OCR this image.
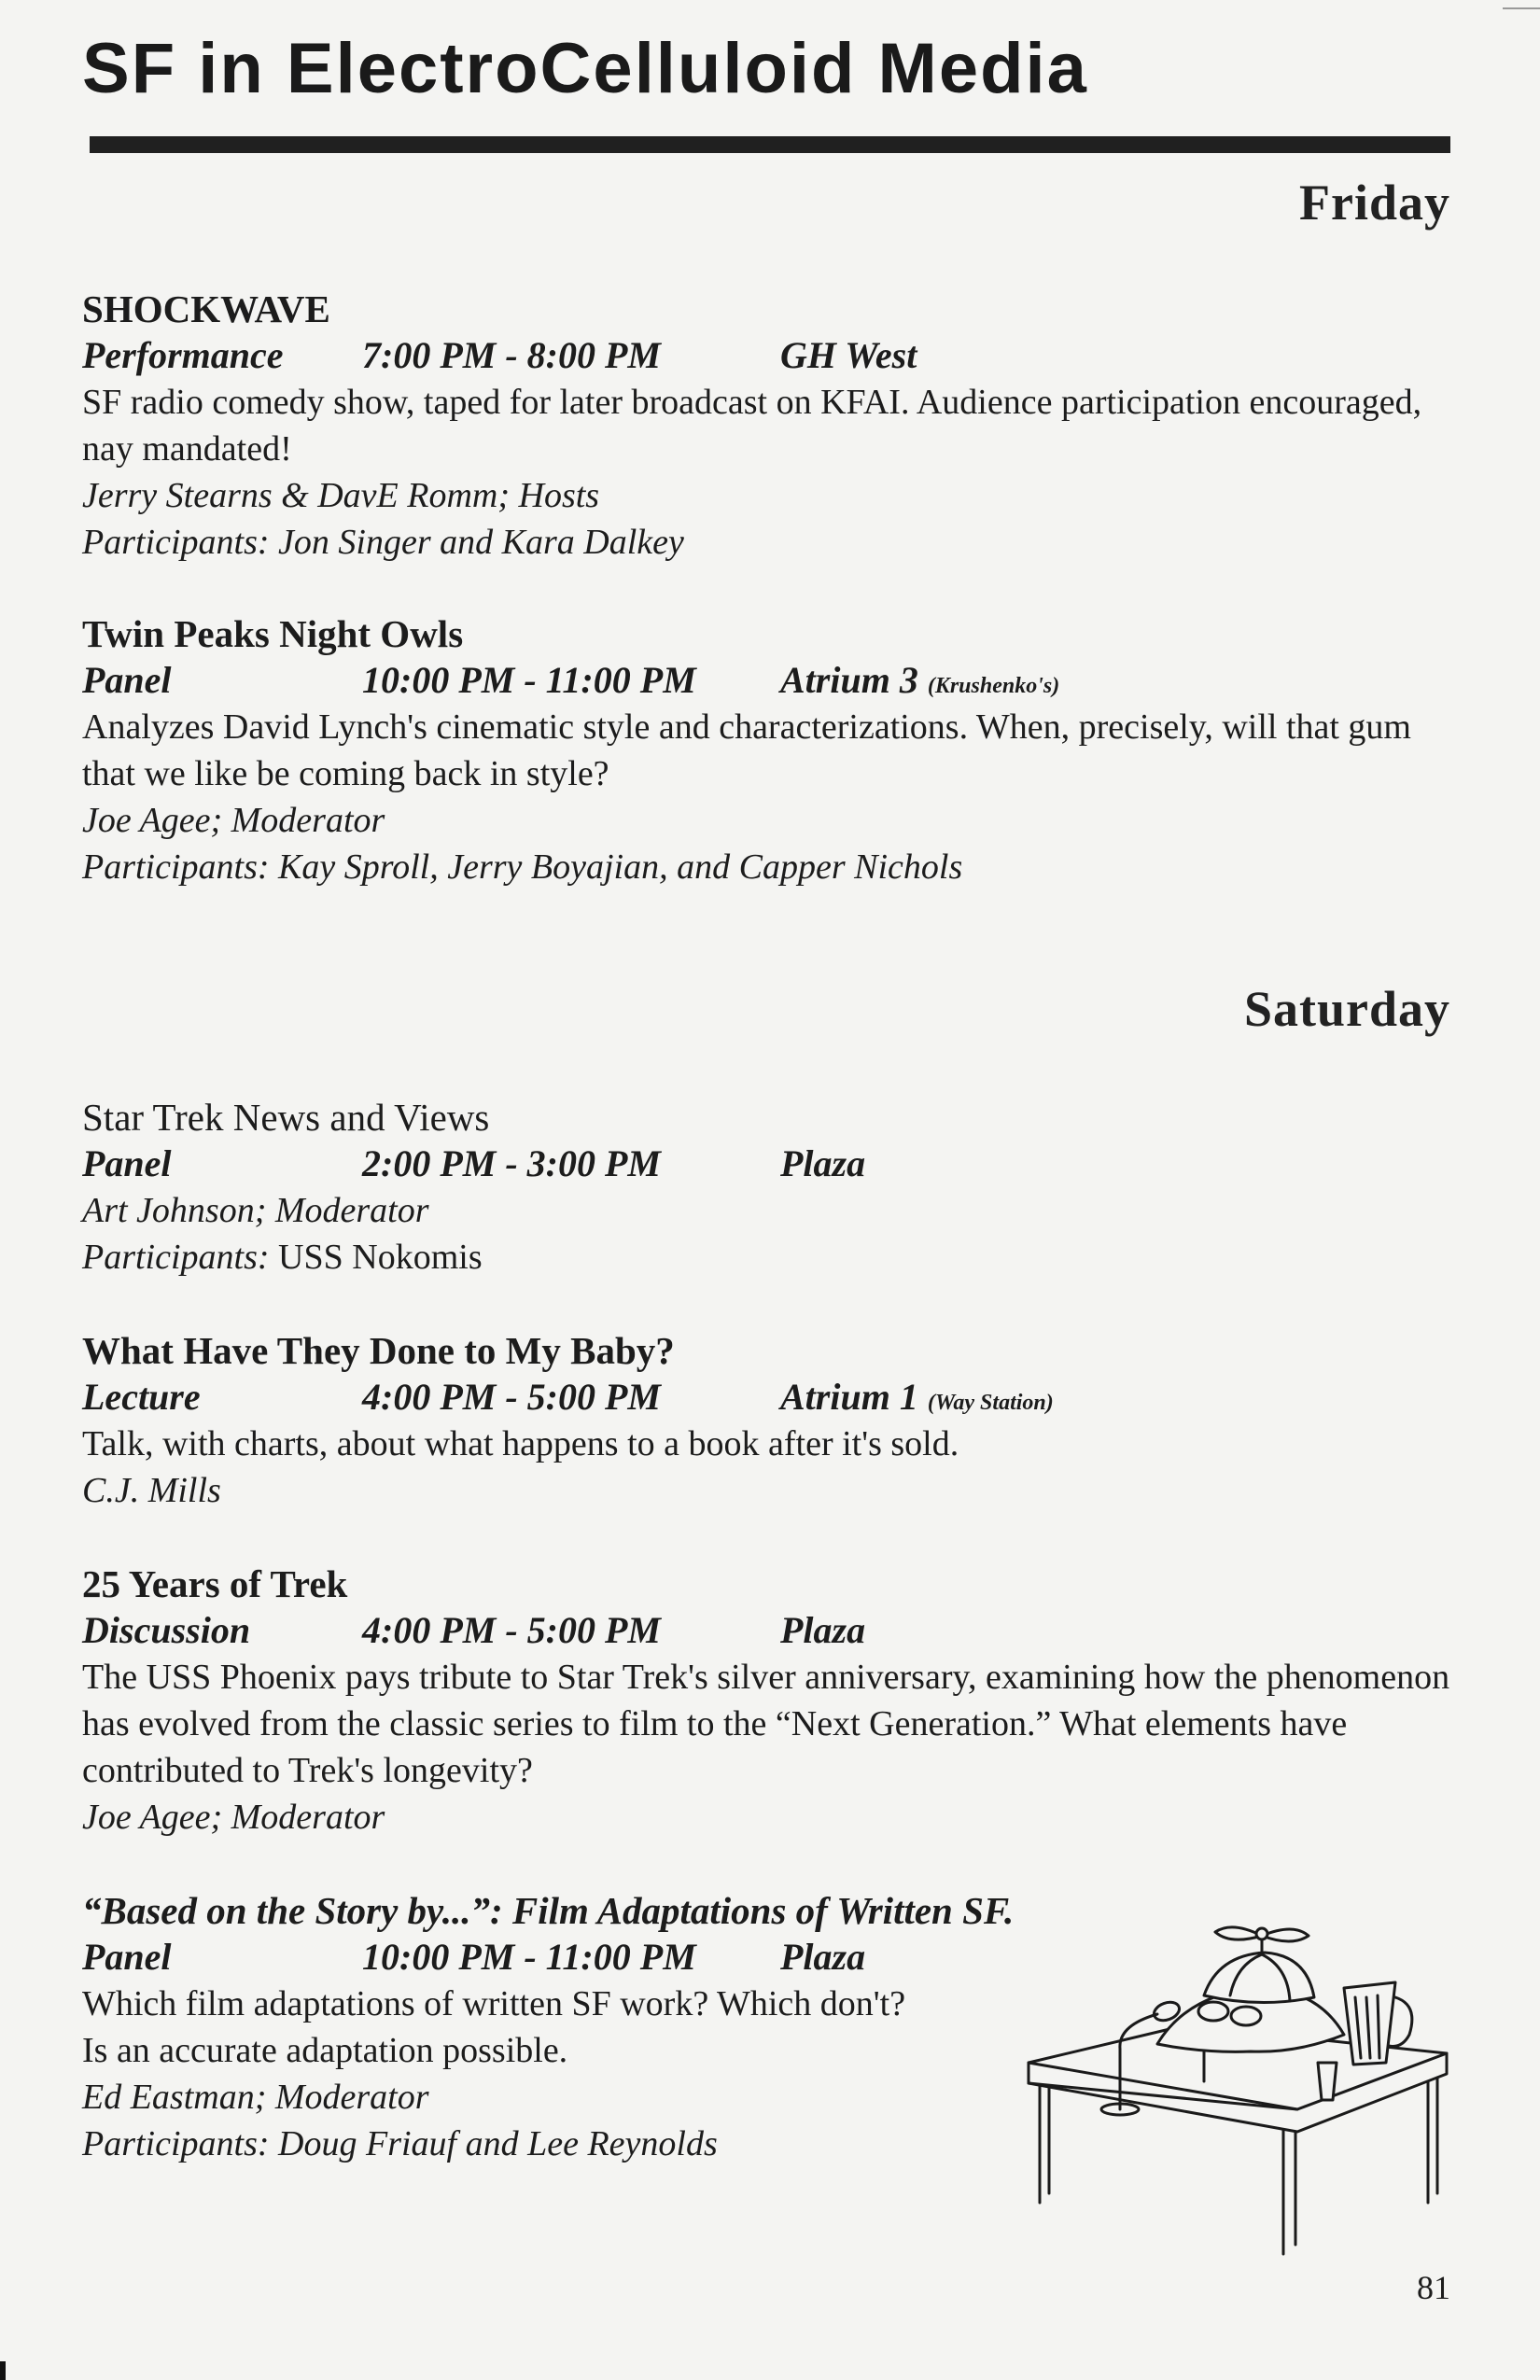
SF in ElectroCelluloid Media
Friday
SHOCKWAVE
Performance 7:00 PM - 8:00 PM	GH West
SF radio comedy show, taped for later broadcast on KFAI. Audience participation encouraged, nay mandated!
Jerry Stearns & DavE Romm; Hosts
Participants: Jon Singer and Kara Dalkey
Twin Peaks Night Owls
Panel	10:00 PM - 11:00 PM Atrium 3 (Krushenko's)
Analyzes David Lynch's cinematic style and characterizations. When, precisely, will that gum that we like be coming back in style?
Joe Agee; Moderator
Participants: Kay Sproll, Jerry Boyajian, and Capper Nichols
Saturday
Star Trek News and Views
Panel	2:00 PM - 3:00 PM	Plaza
Art Johnson; Moderator
Participants: USS Nokomis
What Have They Done to My Baby?
Lecture	4:00 PM - 5:00 PM	Atrium 1 (Way Station)
Talk, with charts, about what happens to a book after it's sold.
C.J. Mills
25 Years of Trek
Discussion	4:00 PM - 5:00 PM	Plaza
The USS Phoenix pays tribute to Star Trek's silver anniversary, examining how the phenomenon has evolved from the classic series to film to the “Next Generation.” What elements have contributed to Trek's longevity?
Joe Agee; Moderator
“Based on the Story by...”: Film Adaptations of Written SF.
Panel	10:00 PM - 11:00 PM Plaza
Which film adaptations of written SF work? Which don't?
Is an accurate adaptation possible.
Ed Eastman; Moderator
Participants: Doug Friauf and Lee Reynolds
81
